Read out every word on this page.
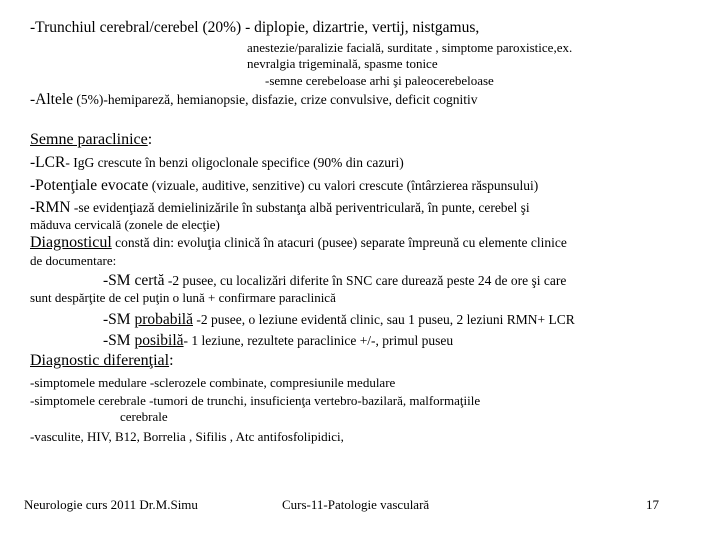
-Trunchiul cerebral/cerebel (20%) - diplopie, dizartrie, vertij, nistgamus,
anestezie/paralizie facială, surditate , simptome paroxistice,ex.
nevralgia trigeminală, spasme tonice
-semne cerebeloase arhi şi paleocerebeloase
-Altele (5%)-hemipareză, hemianopsie, disfazie, crize convulsive, deficit cognitiv
Semne paraclinice:
-LCR- IgG crescute în benzi oligoclonale specifice (90% din cazuri)
-Potenţiale evocate (vizuale, auditive, senzitive) cu valori crescute (întârzierea răspunsului)
-RMN -se evidenţiază demielinizările în substanţa albă periventriculară, în punte, cerebel şi
măduva cervicală (zonele de elecţie)
Diagnosticul constă din: evoluţia clinică în atacuri (pusee) separate împreună cu elemente clinice
de documentare:
-SM certă -2 pusee, cu localizări diferite în SNC care durează peste 24 de ore şi care
sunt despărţite de cel puţin o lună + confirmare paraclinică
-SM probabilă -2 pusee, o leziune evidentă clinic, sau 1 puseu, 2 leziuni RMN+ LCR
-SM posibilă- 1 leziune, rezultete paraclinice +/-, primul puseu
Diagnostic diferenţial:
-simptomele medulare -sclerozele combinate, compresiunile medulare
-simptomele cerebrale -tumori de trunchi, insuficienţa vertebro-bazilară, malformaţiile
cerebrale
-vasculite, HIV, B12, Borrelia , Sifilis , Atc antifosfolipidici,
Neurologie curs 2011 Dr.M.Simu	Curs-11-Patologie vasculară	17
